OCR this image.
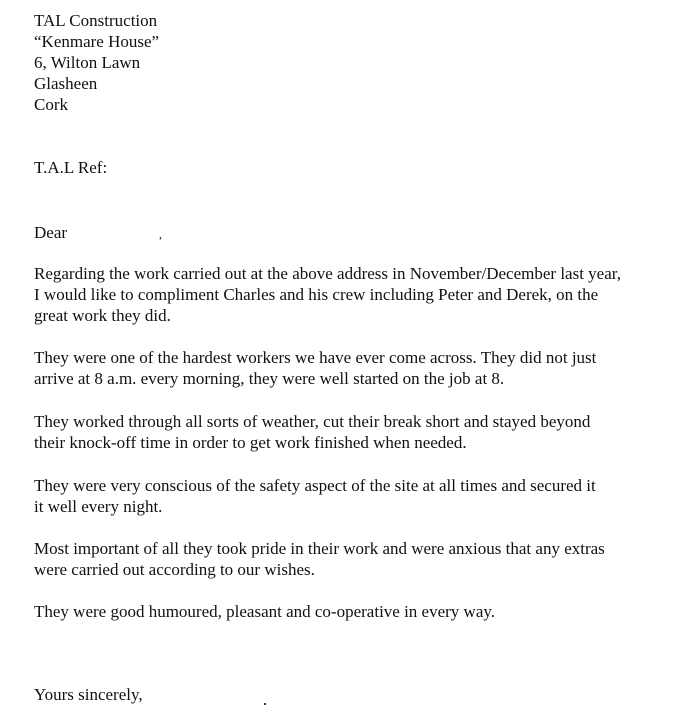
TAL Construction
“Kenmare House”
6, Wilton Lawn
Glasheen
Cork
T.A.L Ref:
Dear	,
Regarding the work carried out at the above address in November/December last year,
I would like to compliment Charles and his crew including Peter and Derek, on the
great work they did.
They were one of the hardest workers we have ever come across. They did not just
arrive at 8 a.m. every morning, they were well started on the job at 8.
They worked through all sorts of weather, cut their break short and stayed beyond
their knock-off time in order to get work finished when needed.
They were very conscious of the safety aspect of the site at all times and secured it
it well every night.
Most important of all they took pride in their work and were anxious that any extras
were carried out according to our wishes.
They were good humoured, pleasant and co-operative in every way.
Yours sincerely,
